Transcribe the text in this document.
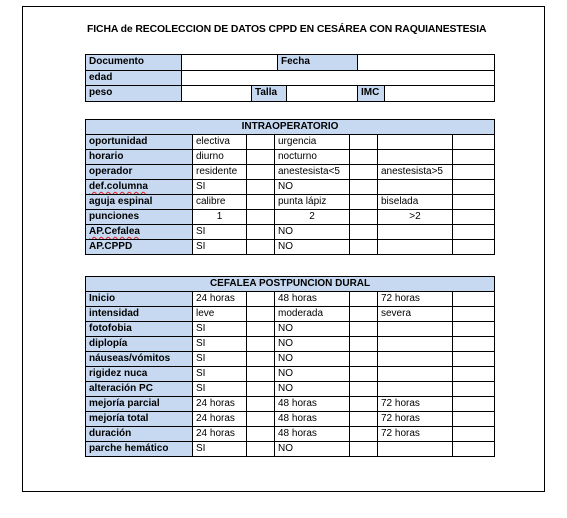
FICHA de RECOLECCION DE DATOS CPPD EN CESÁREA CON RAQUIANESTESIA
Documento			Fecha	
edad				
peso		Talla		IMC
INTRAOPERATORIO						
oportunidad	electiva		urgencia			
horario	diurno		nocturno			
operador	residente		anestesista<5		anestesista>5	
def.columna	SI		NO			
aguja espinal	calibre		punta lápiz		biselada	
punciones	1		2		>2	
AP.Cefalea	SI		NO			
AP.CPPD	SI		NO			
CEFALEA POSTPUNCION DURAL						
Inicio	24 horas		48 horas		72 horas	
intensidad	leve		moderada		severa	
fotofobia	SI		NO			
diplopía	SI		NO			
náuseas/vómitos	SI		NO			
rigidez nuca	SI		NO			
alteración PC	SI		NO			
mejoría parcial	24 horas		48 horas		72 horas	
mejoría total	24 horas		48 horas		72 horas	
duración	24 horas		48 horas		72 horas	
parche hemático	SI		NO			
